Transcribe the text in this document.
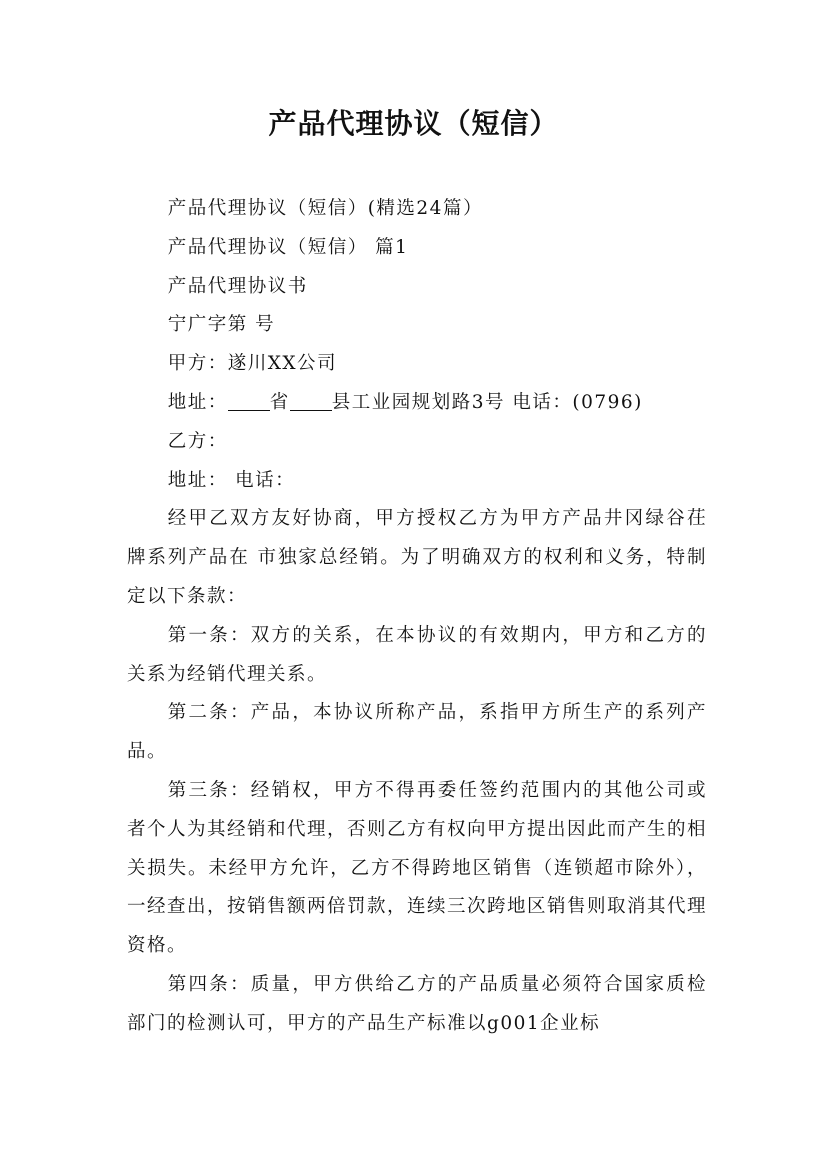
产品代理协议（短信）

产品代理协议（短信）(精选24篇）

产品代理协议（短信） 篇1

产品代理协议书

宁广字第 号

甲方：遂川XX公司

地址： 省 县工业园规划路3号 电话：(0796)

乙方：

地址： 电话：

经甲乙双方友好协商，甲方授权乙方为甲方产品井冈绿谷茌牌系列产品在 市独家总经销。为了明确双方的权利和义务，特制定以下条款：

第一条：双方的关系，在本协议的有效期内，甲方和乙方的关系为经销代理关系。

第二条：产品，本协议所称产品，系指甲方所生产的系列产品。

第三条：经销权，甲方不得再委任签约范围内的其他公司或者个人为其经销和代理，否则乙方有权向甲方提出因此而产生的相关损失。未经甲方允许，乙方不得跨地区销售（连锁超市除外），一经查出，按销售额两倍罚款，连续三次跨地区销售则取消其代理资格。

第四条：质量，甲方供给乙方的产品质量必须符合国家质检部门的检测认可，甲方的产品生产标准以g001企业标
